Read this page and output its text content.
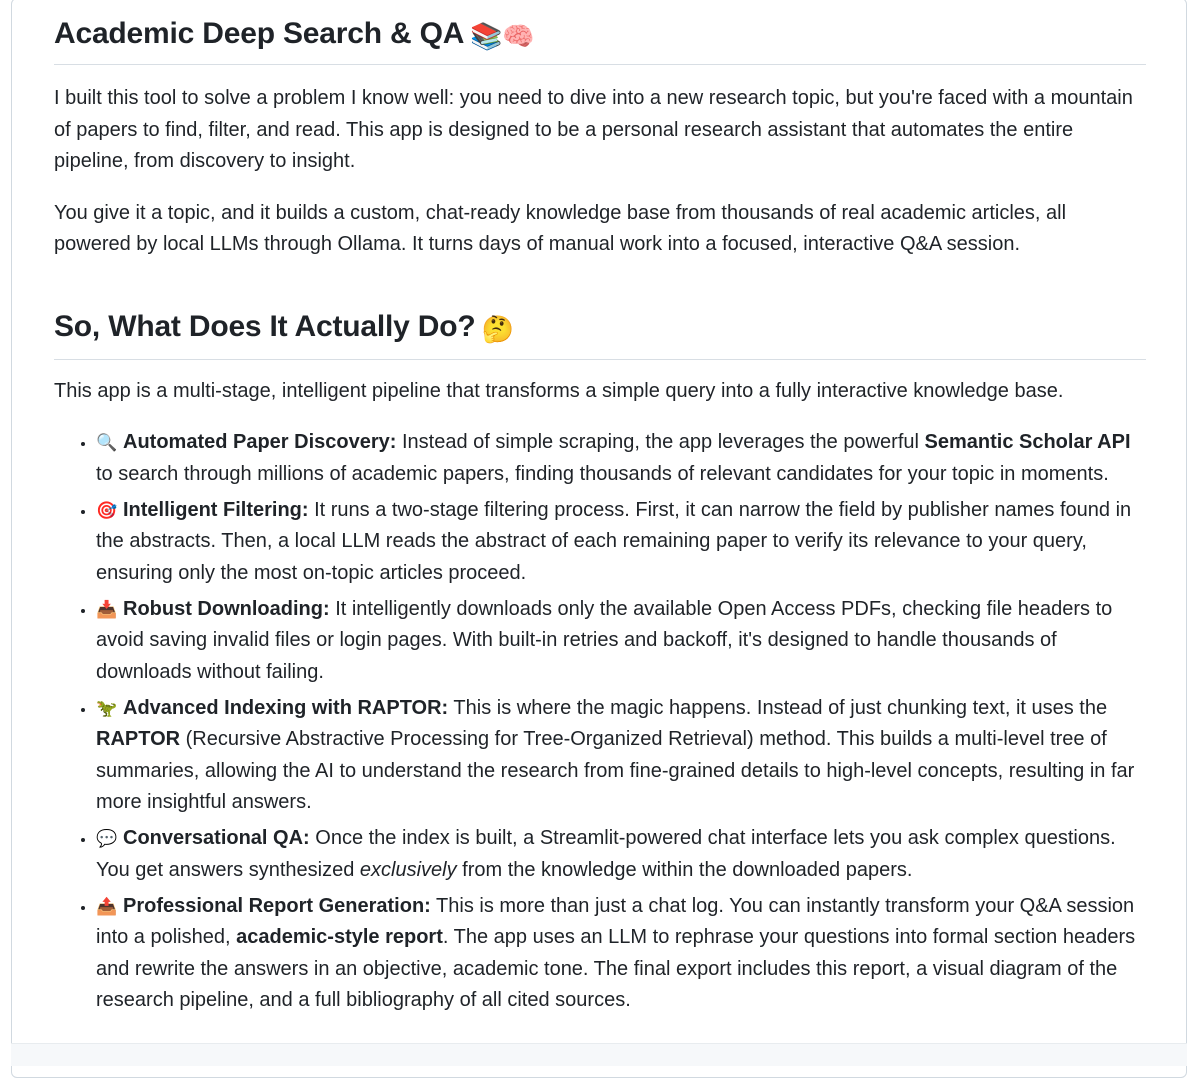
Academic Deep Search & QA 📚🧠

I built this tool to solve a problem I know well: you need to dive into a new research topic, but you're faced with a mountain of papers to find, filter, and read. This app is designed to be a personal research assistant that automates the entire pipeline, from discovery to insight.

You give it a topic, and it builds a custom, chat-ready knowledge base from thousands of real academic articles, all powered by local LLMs through Ollama. It turns days of manual work into a focused, interactive Q&A session.

So, What Does It Actually Do? 🤔

This app is a multi-stage, intelligent pipeline that transforms a simple query into a fully interactive knowledge base.

• 🔍 Automated Paper Discovery: Instead of simple scraping, the app leverages the powerful Semantic Scholar API to search through millions of academic papers, finding thousands of relevant candidates for your topic in moments.
• 🎯 Intelligent Filtering: It runs a two-stage filtering process. First, it can narrow the field by publisher names found in the abstracts. Then, a local LLM reads the abstract of each remaining paper to verify its relevance to your query, ensuring only the most on-topic articles proceed.
• 📥 Robust Downloading: It intelligently downloads only the available Open Access PDFs, checking file headers to avoid saving invalid files or login pages. With built-in retries and backoff, it's designed to handle thousands of downloads without failing.
• 🦖 Advanced Indexing with RAPTOR: This is where the magic happens. Instead of just chunking text, it uses the RAPTOR (Recursive Abstractive Processing for Tree-Organized Retrieval) method. This builds a multi-level tree of summaries, allowing the AI to understand the research from fine-grained details to high-level concepts, resulting in far more insightful answers.
• 💬 Conversational QA: Once the index is built, a Streamlit-powered chat interface lets you ask complex questions. You get answers synthesized exclusively from the knowledge within the downloaded papers.
• 📤 Professional Report Generation: This is more than just a chat log. You can instantly transform your Q&A session into a polished, academic-style report. The app uses an LLM to rephrase your questions into formal section headers and rewrite the answers in an objective, academic tone. The final export includes this report, a visual diagram of the research pipeline, and a full bibliography of all cited sources.
